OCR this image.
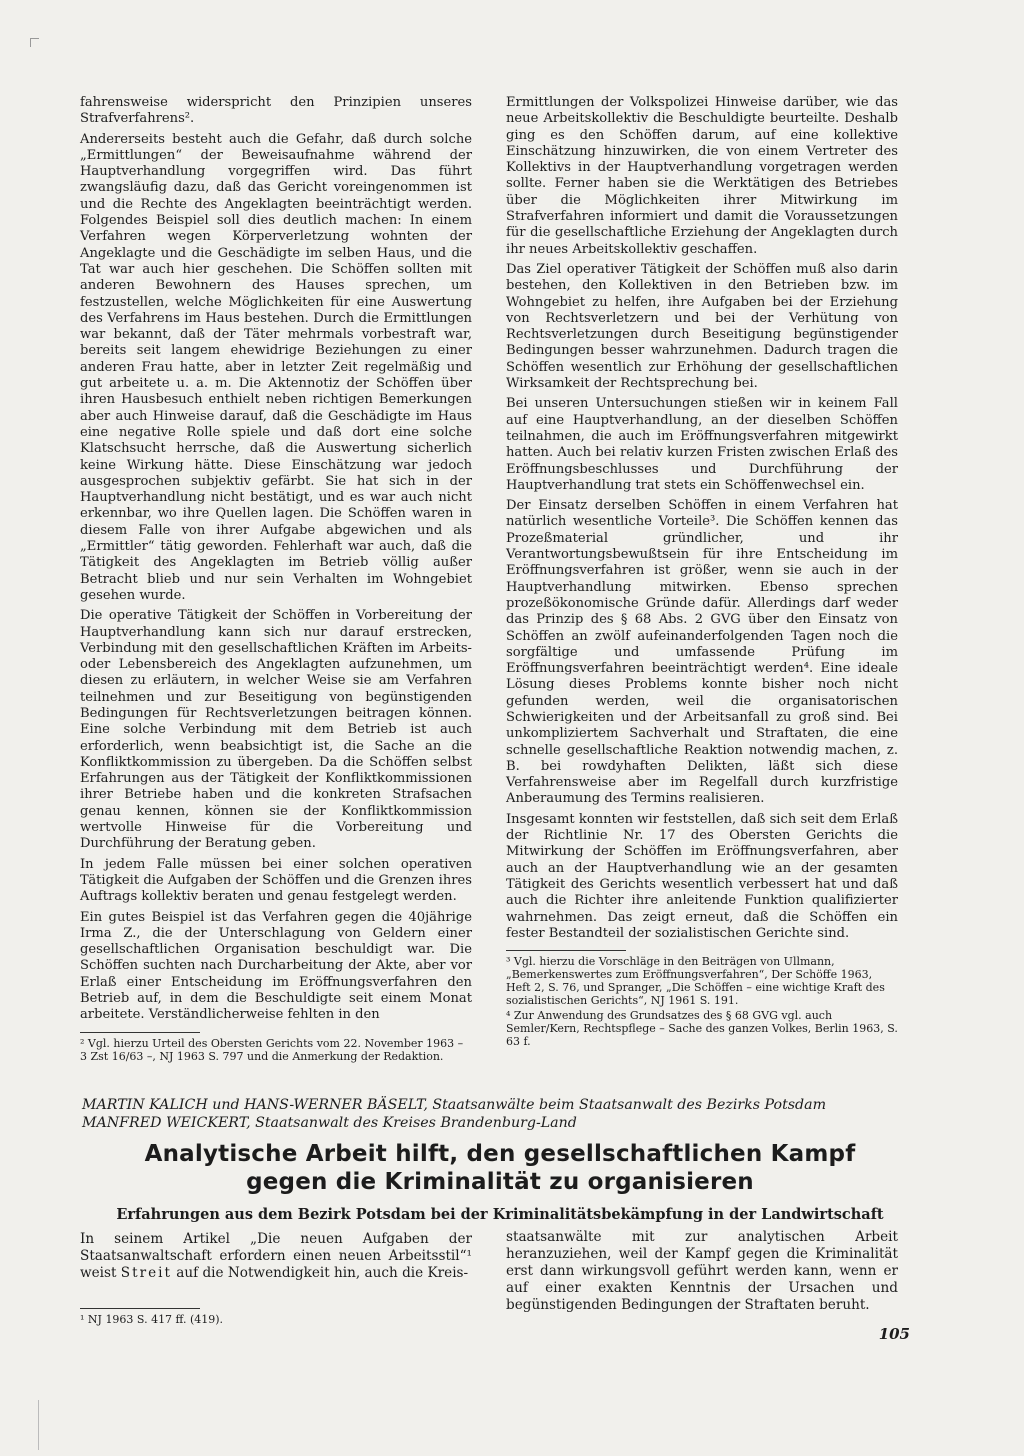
fahrensweise widerspricht den Prinzipien unseres Strafverfahrens².

Andererseits besteht auch die Gefahr, daß durch solche „Ermittlungen“ der Beweisaufnahme während der Hauptverhandlung vorgegriffen wird. Das führt zwangsläufig dazu, daß das Gericht voreingenommen ist und die Rechte des Angeklagten beeinträchtigt werden. Folgendes Beispiel soll dies deutlich machen: In einem Verfahren wegen Körperverletzung wohnten der Angeklagte und die Geschädigte im selben Haus, und die Tat war auch hier geschehen. Die Schöffen sollten mit anderen Bewohnern des Hauses sprechen, um festzustellen, welche Möglichkeiten für eine Auswertung des Verfahrens im Haus bestehen. Durch die Ermittlungen war bekannt, daß der Täter mehrmals vorbestraft war, bereits seit langem ehewidrige Beziehungen zu einer anderen Frau hatte, aber in letzter Zeit regelmäßig und gut arbeitete u. a. m. Die Aktennotiz der Schöffen über ihren Hausbesuch enthielt neben richtigen Bemerkungen aber auch Hinweise darauf, daß die Geschädigte im Haus eine negative Rolle spiele und daß dort eine solche Klatschsucht herrsche, daß die Auswertung sicherlich keine Wirkung hätte. Diese Einschätzung war jedoch ausgesprochen subjektiv gefärbt. Sie hat sich in der Hauptverhandlung nicht bestätigt, und es war auch nicht erkennbar, wo ihre Quellen lagen. Die Schöffen waren in diesem Falle von ihrer Aufgabe abgewichen und als „Ermittler“ tätig geworden. Fehlerhaft war auch, daß die Tätigkeit des Angeklagten im Betrieb völlig außer Betracht blieb und nur sein Verhalten im Wohngebiet gesehen wurde.

Die operative Tätigkeit der Schöffen in Vorbereitung der Hauptverhandlung kann sich nur darauf erstrecken, Verbindung mit den gesellschaftlichen Kräften im Arbeits- oder Lebensbereich des Angeklagten aufzunehmen, um diesen zu erläutern, in welcher Weise sie am Verfahren teilnehmen und zur Beseitigung von begünstigenden Bedingungen für Rechtsverletzungen beitragen können. Eine solche Verbindung mit dem Betrieb ist auch erforderlich, wenn beabsichtigt ist, die Sache an die Konfliktkommission zu übergeben. Da die Schöffen selbst Erfahrungen aus der Tätigkeit der Konfliktkommissionen ihrer Betriebe haben und die konkreten Strafsachen genau kennen, können sie der Konfliktkommission wertvolle Hinweise für die Vorbereitung und Durchführung der Beratung geben.

In jedem Falle müssen bei einer solchen operativen Tätigkeit die Aufgaben der Schöffen und die Grenzen ihres Auftrags kollektiv beraten und genau festgelegt werden.

Ein gutes Beispiel ist das Verfahren gegen die 40jährige Irma Z., die der Unterschlagung von Geldern einer gesellschaftlichen Organisation beschuldigt war. Die Schöffen suchten nach Durcharbeitung der Akte, aber vor Erlaß einer Entscheidung im Eröffnungsverfahren den Betrieb auf, in dem die Beschuldigte seit einem Monat arbeitete. Verständlicherweise fehlten in den

² Vgl. hierzu Urteil des Obersten Gerichts vom 22. November 1963 – 3 Zst 16/63 –, NJ 1963 S. 797 und die Anmerkung der Redaktion.

Ermittlungen der Volkspolizei Hinweise darüber, wie das neue Arbeitskollektiv die Beschuldigte beurteilte. Deshalb ging es den Schöffen darum, auf eine kollektive Einschätzung hinzuwirken, die von einem Vertreter des Kollektivs in der Hauptverhandlung vorgetragen werden sollte. Ferner haben sie die Werktätigen des Betriebes über die Möglichkeiten ihrer Mitwirkung im Strafverfahren informiert und damit die Voraussetzungen für die gesellschaftliche Erziehung der Angeklagten durch ihr neues Arbeitskollektiv geschaffen.

Das Ziel operativer Tätigkeit der Schöffen muß also darin bestehen, den Kollektiven in den Betrieben bzw. im Wohngebiet zu helfen, ihre Aufgaben bei der Erziehung von Rechtsverletzern und bei der Verhütung von Rechtsverletzungen durch Beseitigung begünstigender Bedingungen besser wahrzunehmen. Dadurch tragen die Schöffen wesentlich zur Erhöhung der gesellschaftlichen Wirksamkeit der Rechtsprechung bei.

Bei unseren Untersuchungen stießen wir in keinem Fall auf eine Hauptverhandlung, an der dieselben Schöffen teilnahmen, die auch im Eröffnungsverfahren mitgewirkt hatten. Auch bei relativ kurzen Fristen zwischen Erlaß des Eröffnungsbeschlusses und Durchführung der Hauptverhandlung trat stets ein Schöffenwechsel ein.

Der Einsatz derselben Schöffen in einem Verfahren hat natürlich wesentliche Vorteile³. Die Schöffen kennen das Prozeßmaterial gründlicher, und ihr Verantwortungsbewußtsein für ihre Entscheidung im Eröffnungsverfahren ist größer, wenn sie auch in der Hauptverhandlung mitwirken. Ebenso sprechen prozeßökonomische Gründe dafür. Allerdings darf weder das Prinzip des § 68 Abs. 2 GVG über den Einsatz von Schöffen an zwölf aufeinanderfolgenden Tagen noch die sorgfältige und umfassende Prüfung im Eröffnungsverfahren beeinträchtigt werden⁴. Eine ideale Lösung dieses Problems konnte bisher noch nicht gefunden werden, weil die organisatorischen Schwierigkeiten und der Arbeitsanfall zu groß sind. Bei unkompliziertem Sachverhalt und Straftaten, die eine schnelle gesellschaftliche Reaktion notwendig machen, z. B. bei rowdyhaften Delikten, läßt sich diese Verfahrensweise aber im Regelfall durch kurzfristige Anberaumung des Termins realisieren.

Insgesamt konnten wir feststellen, daß sich seit dem Erlaß der Richtlinie Nr. 17 des Obersten Gerichts die Mitwirkung der Schöffen im Eröffnungsverfahren, aber auch an der Hauptverhandlung wie an der gesamten Tätigkeit des Gerichts wesentlich verbessert hat und daß auch die Richter ihre anleitende Funktion qualifizierter wahrnehmen. Das zeigt erneut, daß die Schöffen ein fester Bestandteil der sozialistischen Gerichte sind.

³ Vgl. hierzu die Vorschläge in den Beiträgen von Ullmann, „Bemerkenswertes zum Eröffnungsverfahren“, Der Schöffe 1963, Heft 2, S. 76, und Spranger, „Die Schöffen – eine wichtige Kraft des sozialistischen Gerichts“, NJ 1961 S. 191.

⁴ Zur Anwendung des Grundsatzes des § 68 GVG vgl. auch Semler/Kern, Rechtspflege – Sache des ganzen Volkes, Berlin 1963, S. 63 f.

MARTIN KALICH und HANS-WERNER BÄSELT, Staatsanwälte beim Staatsanwalt des Bezirks Potsdam
MANFRED WEICKERT, Staatsanwalt des Kreises Brandenburg-Land
Analytische Arbeit hilft, den gesellschaftlichen Kampf
gegen die Kriminalität zu organisieren
Erfahrungen aus dem Bezirk Potsdam bei der Kriminalitätsbekämpfung in der Landwirtschaft

In seinem Artikel „Die neuen Aufgaben der Staatsanwaltschaft erfordern einen neuen Arbeitsstil“¹ weist Streit auf die Notwendigkeit hin, auch die Kreis-

¹ NJ 1963 S. 417 ff. (419).

staatsanwälte mit zur analytischen Arbeit heranzuziehen, weil der Kampf gegen die Kriminalität erst dann wirkungsvoll geführt werden kann, wenn er auf einer exakten Kenntnis der Ursachen und begünstigenden Bedingungen der Straftaten beruht.

105
